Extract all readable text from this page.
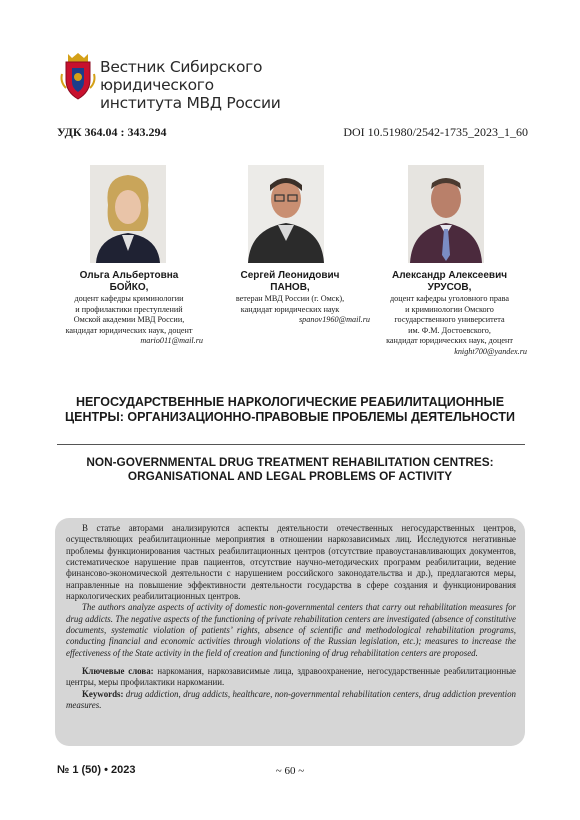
Вестник Сибирского юридического
института МВД России
УДК 364.04 : 343.294	DOI 10.51980/2542-1735_2023_1_60
Ольга Альбертовна
БОЙКО,
доцент кафедры криминологии
и профилактики преступлений
Омской академии МВД России,
кандидат юридических наук, доцент
mario011@mail.ru
Сергей Леонидович
ПАНОВ,
ветеран МВД России (г. Омск),
кандидат юридических наук
spanov1960@mail.ru
Александр Алексеевич
УРУСОВ,
доцент кафедры уголовного права
и криминологии Омского
государственного университета
им. Ф.М. Достоевского,
кандидат юридических наук, доцент
knight700@yandex.ru
НЕГОСУДАРСТВЕННЫЕ НАРКОЛОГИЧЕСКИЕ РЕАБИЛИТАЦИОННЫЕ
ЦЕНТРЫ: ОРГАНИЗАЦИОННО-ПРАВОВЫЕ ПРОБЛЕМЫ ДЕЯТЕЛЬНОСТИ
NON-GOVERNMENTAL DRUG TREATMENT REHABILITATION CENTRES:
ORGANISATIONAL AND LEGAL PROBLEMS OF ACTIVITY

В статье авторами анализируются аспекты деятельности отечественных негосударственных центров, осуществляющих реабилитационные мероприятия в отношении наркозависимых лиц. Исследуются негативные проблемы функционирования частных реабилитационных центров (отсутствие правоустанавливающих документов, систематическое нарушение прав пациентов, отсутствие научно-методических программ реабилитации, ведение финансово-экономической деятельности с нарушением российского законодательства и др.), предлагаются меры, направленные на повышение эффективности деятельности государства в сфере создания и функционирования наркологических реабилитационных центров.

The authors analyze aspects of activity of domestic non-governmental centers that carry out rehabilitation measures for drug addicts. The negative aspects of the functioning of private rehabilitation centers are investigated (absence of constitutive documents, systematic violation of patients’ rights, absence of scientific and methodological rehabilitation programs, conducting financial and economic activities through violations of the Russian legislation, etc.); measures to increase the effectiveness of the State activity in the field of creation and functioning of drug rehabilitation centers are proposed.

Ключевые слова: наркомания, наркозависимые лица, здравоохранение, негосударственные реабилитационные центры, меры профилактики наркомании.

Keywords: drug addiction, drug addicts, healthcare, non-governmental rehabilitation centers, drug addiction prevention measures.

№ 1 (50) • 2023	~ 60 ~
